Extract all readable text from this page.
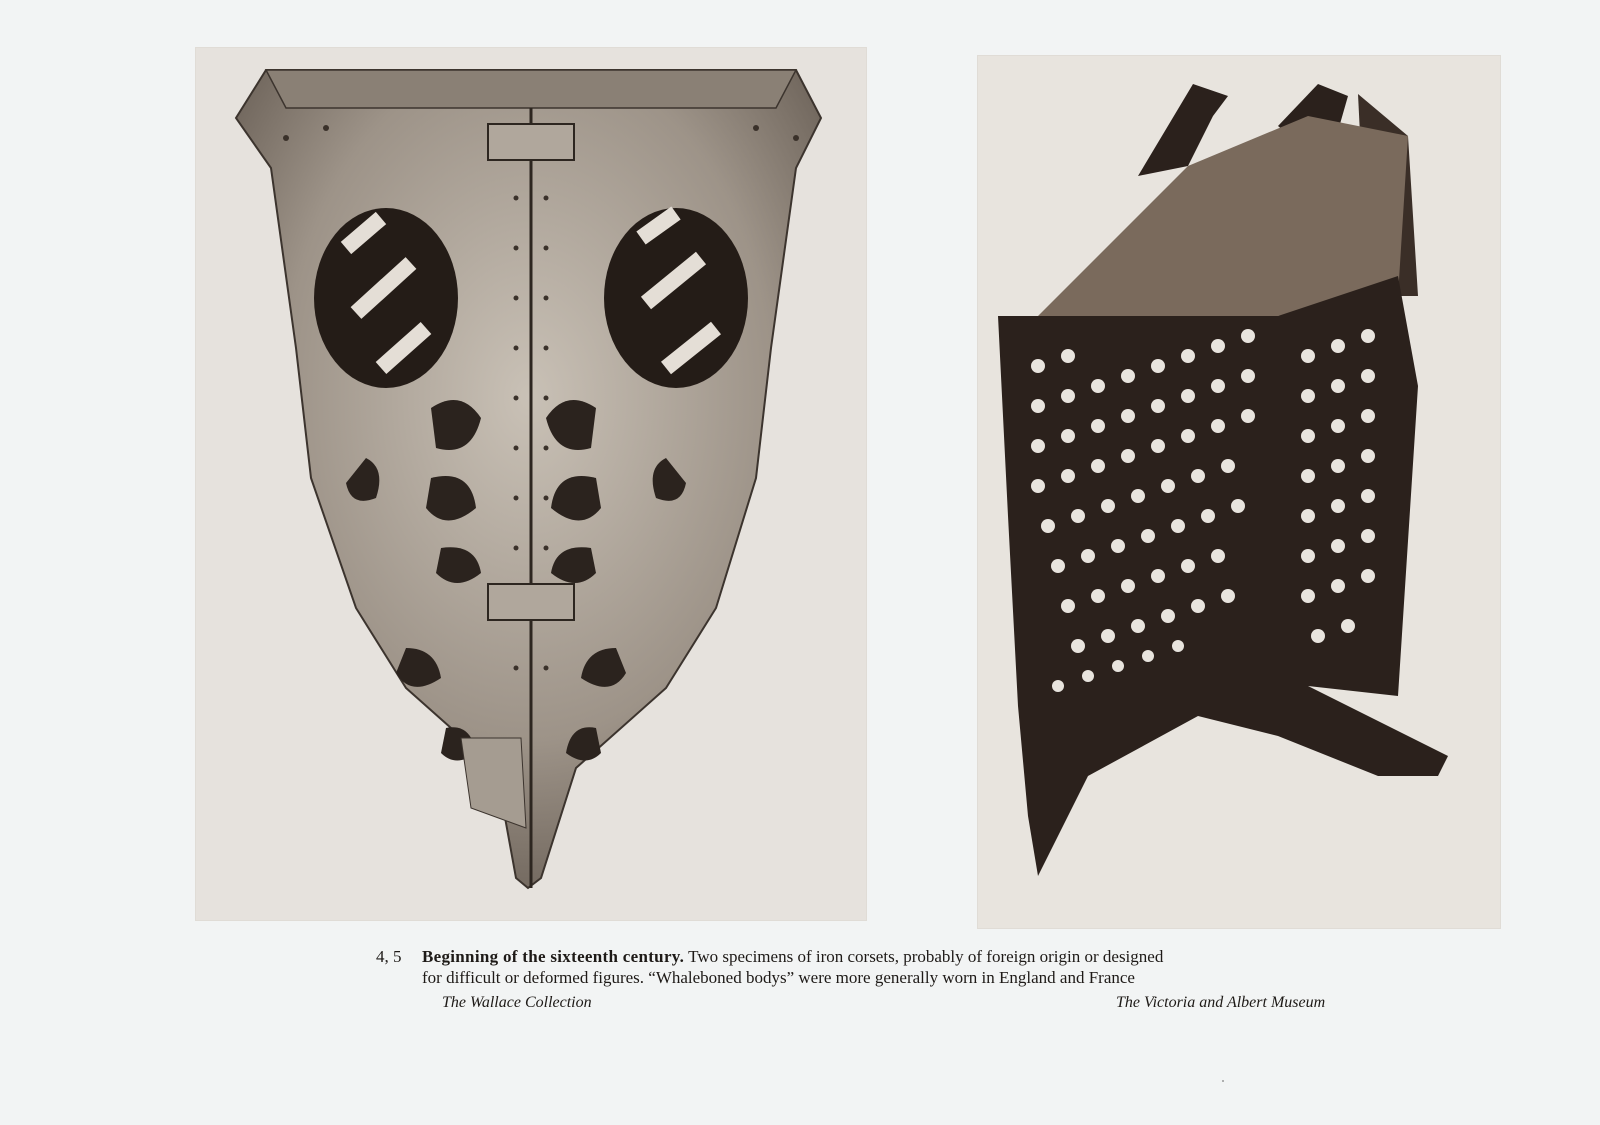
4, 5 Beginning of the sixteenth century. Two specimens of iron corsets, probably of foreign origin or designed
for difficult or deformed figures. “Whaleboned bodys” were more generally worn in England and France
The Wallace Collection	The Victoria and Albert Museum
